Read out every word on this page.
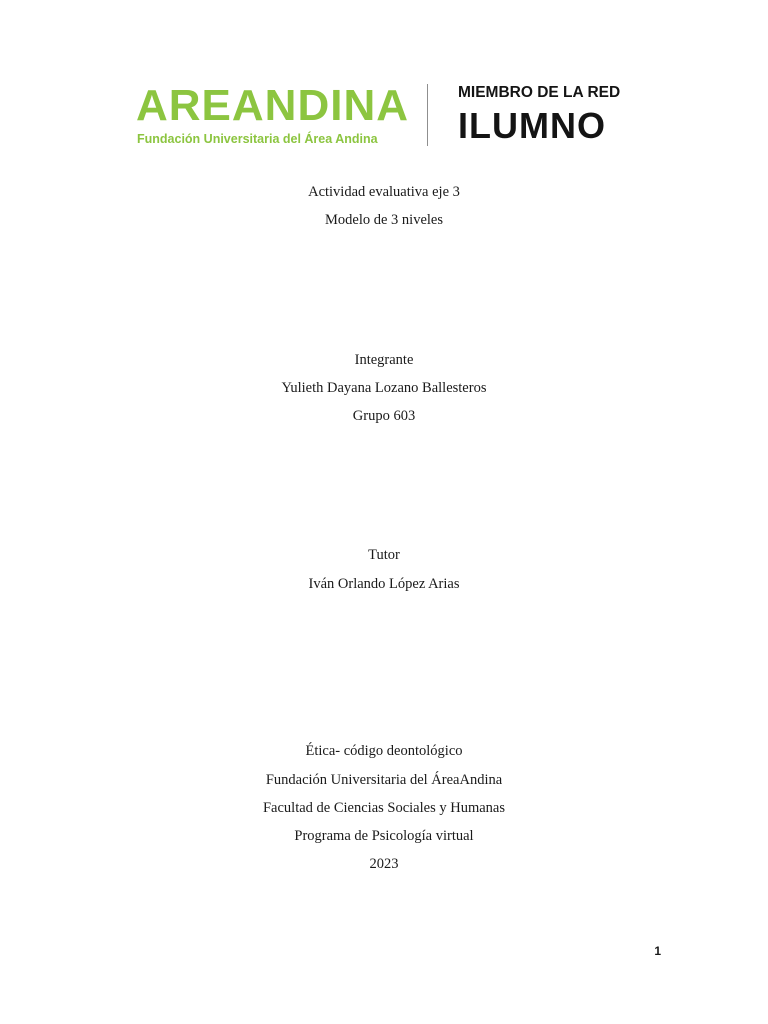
AREANDINA
Fundación Universitaria del Área Andina
MIEMBRO DE LA RED
ILUMNO
Actividad evaluativa eje 3
Modelo de 3 niveles
Integrante
Yulieth Dayana Lozano Ballesteros
Grupo 603
Tutor
Iván Orlando López Arias
Ética- código deontológico
Fundación Universitaria del ÁreaAndina
Facultad de Ciencias Sociales y Humanas
Programa de Psicología virtual
2023
1
